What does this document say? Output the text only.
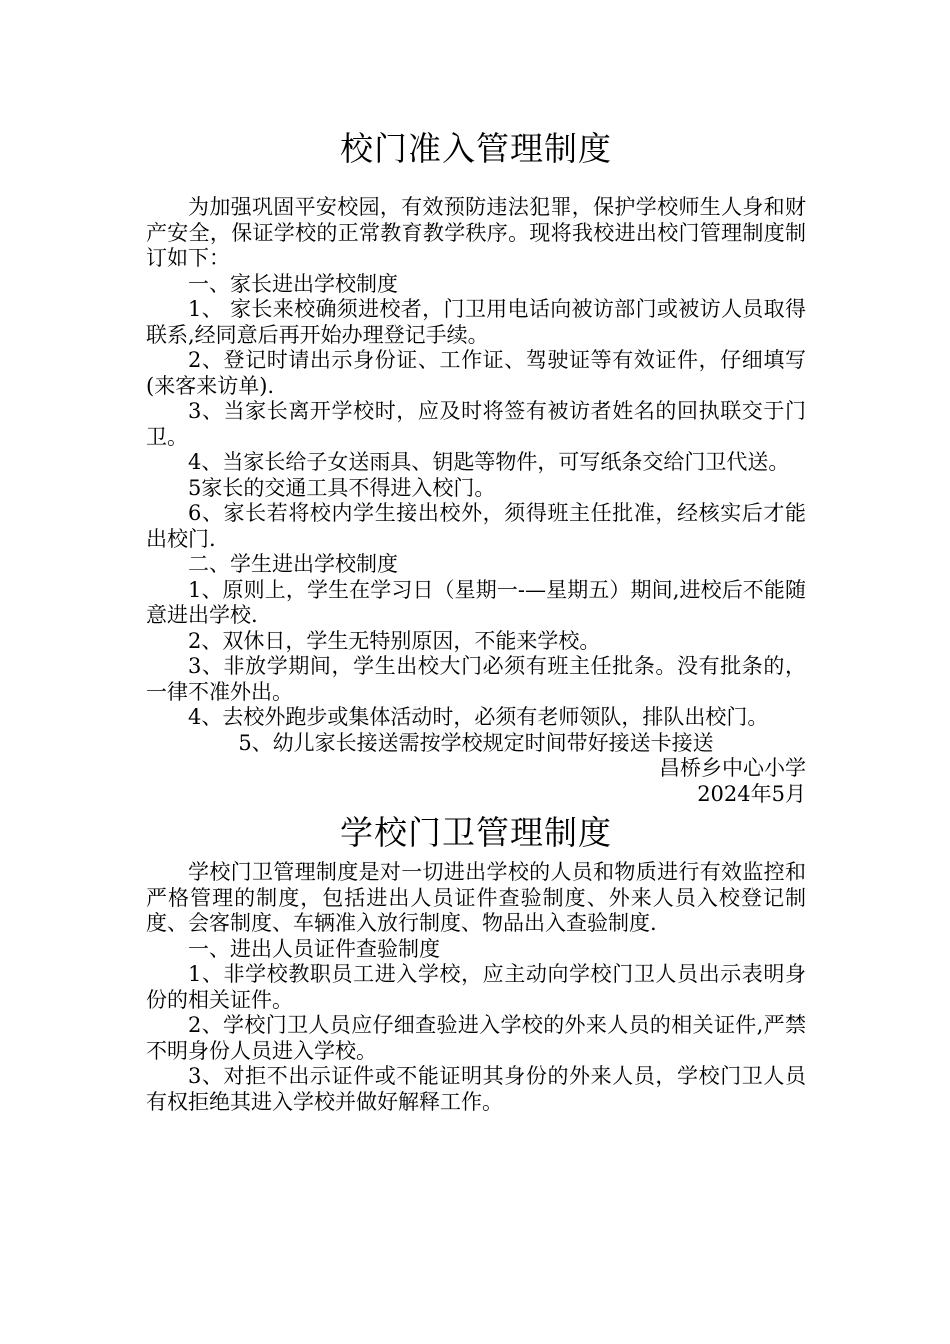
校门准入管理制度

为加强巩固平安校园，有效预防违法犯罪，保护学校师生人身和财产安全，保证学校的正常教育教学秩序。现将我校进出校门管理制度制订如下：

一、家长进出学校制度

1、 家长来校确须进校者，门卫用电话向被访部门或被访人员取得联系,经同意后再开始办理登记手续。

2、登记时请出示身份证、工作证、驾驶证等有效证件，仔细填写(来客来访单).

3、当家长离开学校时，应及时将签有被访者姓名的回执联交于门卫。

4、当家长给子女送雨具、钥匙等物件，可写纸条交给门卫代送。

5家长的交通工具不得进入校门。

6、家长若将校内学生接出校外，须得班主任批准，经核实后才能出校门.

二、学生进出学校制度

1、原则上，学生在学习日（星期一-—星期五）期间,进校后不能随意进出学校.

2、双休日，学生无特别原因，不能来学校。

3、非放学期间，学生出校大门必须有班主任批条。没有批条的，一律不准外出。

4、去校外跑步或集体活动时，必须有老师领队，排队出校门。

5、幼儿家长接送需按学校规定时间带好接送卡接送

昌桥乡中心小学

2024年5月

学校门卫管理制度

学校门卫管理制度是对一切进出学校的人员和物质进行有效监控和严格管理的制度，包括进出人员证件查验制度、外来人员入校登记制度、会客制度、车辆准入放行制度、物品出入查验制度.

一、进出人员证件查验制度

1、非学校教职员工进入学校，应主动向学校门卫人员出示表明身份的相关证件。

2、学校门卫人员应仔细查验进入学校的外来人员的相关证件,严禁不明身份人员进入学校。

3、对拒不出示证件或不能证明其身份的外来人员，学校门卫人员有权拒绝其进入学校并做好解释工作。
